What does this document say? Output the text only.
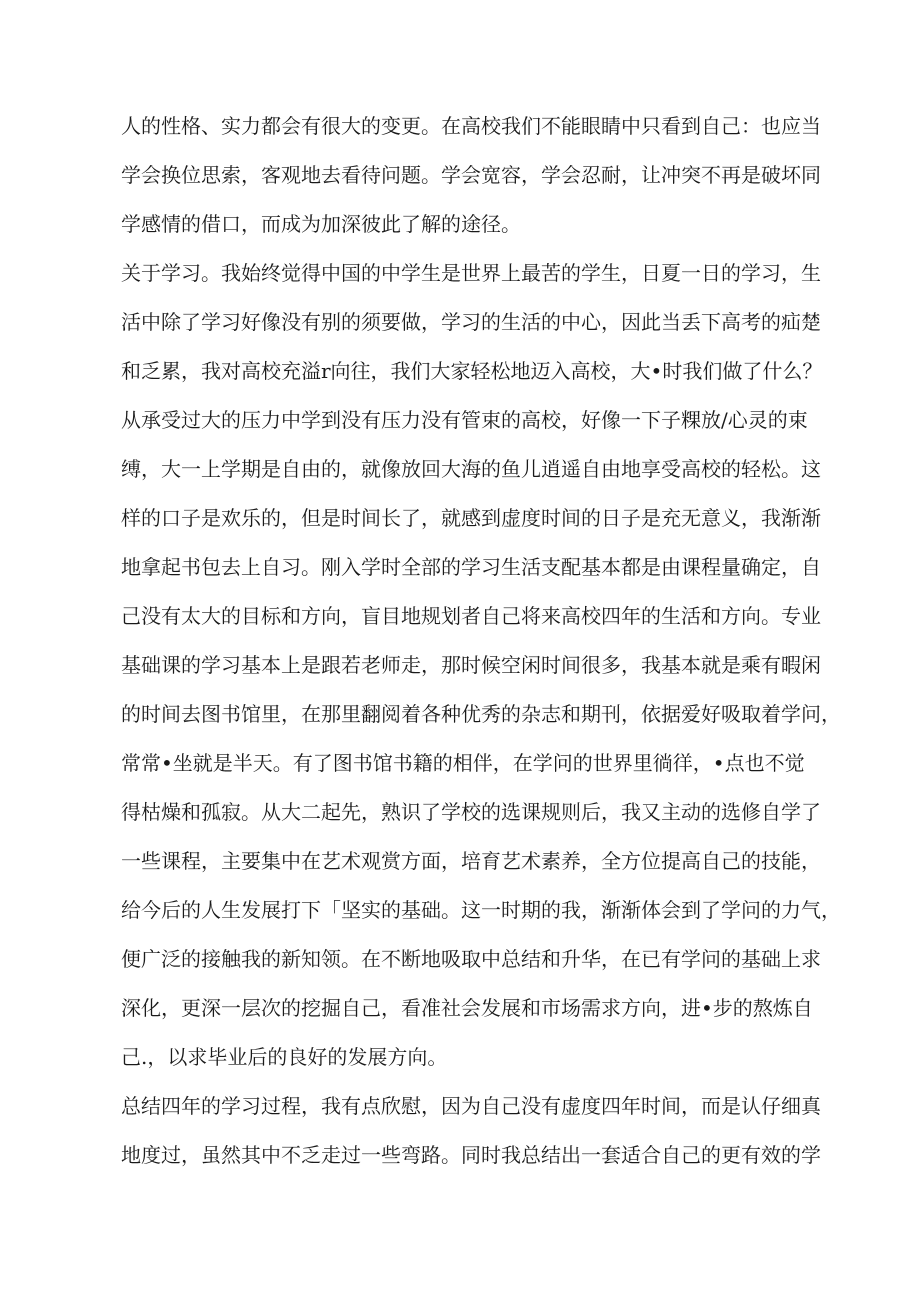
人的性格、实力都会有很大的变更。在高校我们不能眼睛中只看到自己：也应当
学会换位思索，客观地去看待问题。学会宽容，学会忍耐，让冲突不再是破坏同
学感情的借口，而成为加深彼此了解的途径。
关于学习。我始终觉得中国的中学生是世界上最苦的学生，日夏一日的学习，生
活中除了学习好像没有别的须要做，学习的生活的中心，因此当丢下高考的疝楚
和乏累，我对高校充溢r向往，我们大家轻松地迈入高校，大•时我们做了什么？
从承受过大的压力中学到没有压力没有管束的高校，好像一下子粿放/心灵的束
缚，大一上学期是自由的，就像放回大海的鱼儿逍遥自由地享受高校的轻松。这
样的口子是欢乐的，但是时间长了，就感到虚度时间的日子是充无意义，我渐渐
地拿起书包去上自习。刚入学时全部的学习生活支配基本都是由课程量确定，自
己没有太大的目标和方向，盲目地规划者自己将来高校四年的生活和方向。专业
基础课的学习基本上是跟若老师走，那时候空闲时间很多，我基本就是乘有暇闲
的时间去图书馆里，在那里翻阅着各种优秀的杂志和期刊，依据爱好吸取着学问，
常常•坐就是半天。有了图书馆书籍的相伴，在学问的世界里徜徉，•点也不觉
得枯燥和孤寂。从大二起先，熟识了学校的选课规则后，我又主动的选修自学了
一些课程，主要集中在艺术观赏方面，培育艺术素养，全方位提高自己的技能，
给今后的人生发展打下「坚实的基础。这一时期的我，渐渐体会到了学问的力气，
便广泛的接触我的新知领。在不断地吸取中总结和升华，在已有学问的基础上求
深化，更深一层次的挖掘自己，看准社会发展和市场需求方向，进•步的熬炼自
己.，以求毕业后的良好的发展方向。
总结四年的学习过程，我有点欣慰，因为自己没有虚度四年时间，而是认仔细真
地度过，虽然其中不乏走过一些弯路。同时我总结出一套适合自己的更有效的学
